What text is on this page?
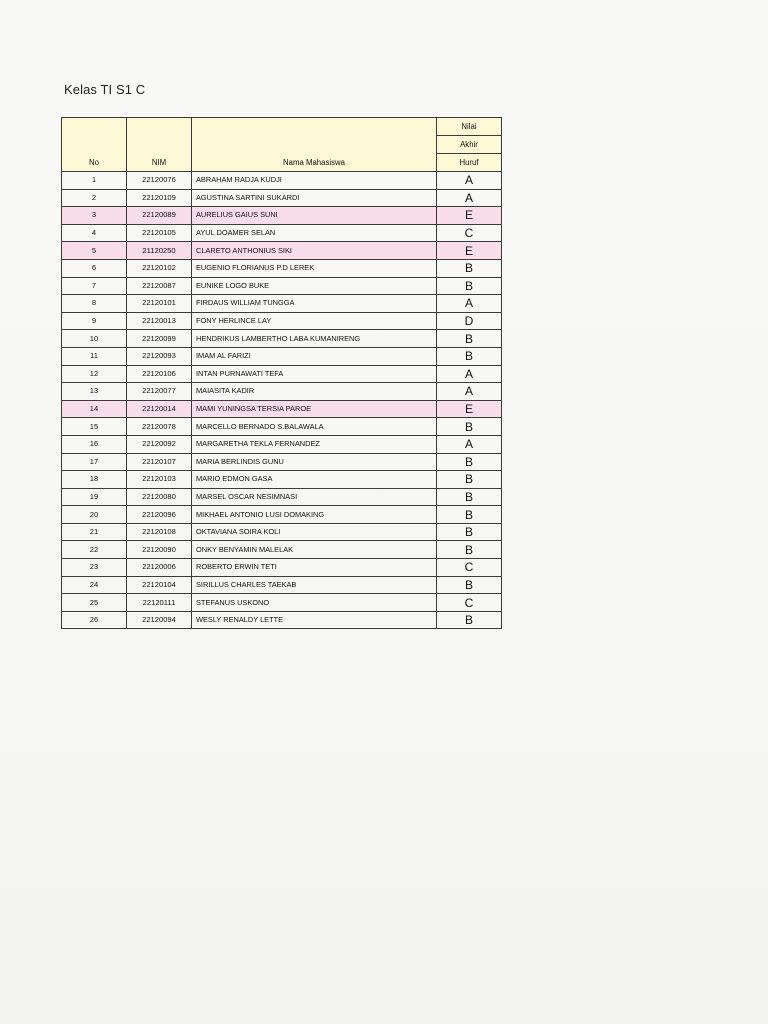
Kelas TI S1 C
No	NIM	Nama Mahasiswa	Nilai
			Akhir
			Huruf
1	22120076	ABRAHAM RADJA KUDJI	A
2	22120109	AGUSTINA SARTINI SUKARDI	A
3	22120089	AURELIUS GAIUS SUNI	E
4	22120105	AYUL DOAMER SELAN	C
5	21120250	CLARETO ANTHONIUS SIKI	E
6	22120102	EUGENIO FLORIANUS P.D LEREK	B
7	22120087	EUNIKE LOGO BUKE	B
8	22120101	FIRDAUS WILLIAM TUNGGA	A
9	22120013	FONY HERLINCE LAY	D
10	22120099	HENDRIKUS LAMBERTHO LABA KUMANIRENG	B
11	22120093	IMAM AL FARIZI	B
12	22120106	INTAN PURNAWATI TEFA	A
13	22120077	MAIASITA KADIR	A
14	22120014	MAMI YUNINGSA TERSIA PAROE	E
15	22120078	MARCELLO BERNADO S.BALAWALA	B
16	22120092	MARGARETHA TEKLA FERNANDEZ	A
17	22120107	MARIA BERLINDIS GUNU	B
18	22120103	MARIO EDMON GASA	B
19	22120080	MARSEL OSCAR NESIMNASI	B
20	22120096	MIKHAEL ANTONIO LUSI DOMAKING	B
21	22120108	OKTAVIANA SOIRA KOLI	B
22	22120090	ONKY BENYAMIN MALELAK	B
23	22120006	ROBERTO ERWIN TETI	C
24	22120104	SIRILLUS CHARLES TAEKAB	B
25	22120111	STEFANUS USKONO	C
26	22120094	WESLY RENALDY LETTE	B
